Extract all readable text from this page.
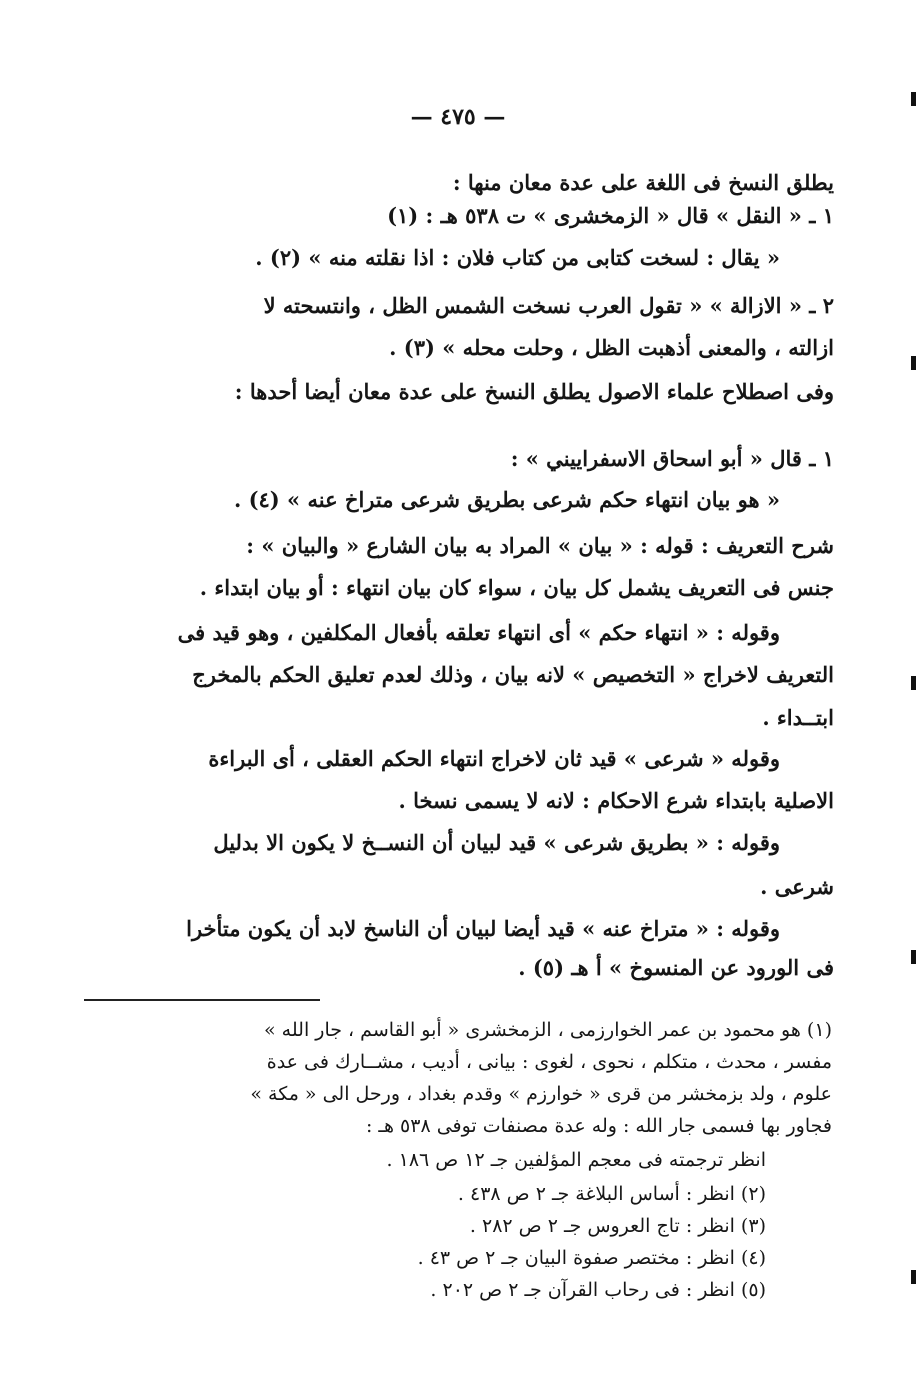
— ٤٧٥ —
يطلق النسخ فى اللغة على عدة معان منها :
١ ـ « النقل » قال « الزمخشرى » ت ٥٣٨ هـ : (١)
« يقال : لسخت كتابى من كتاب فلان : اذا نقلته منه » (٢) .
٢ ـ « الازالة » « تقول العرب نسخت الشمس الظل ، وانتسحته ﻻ
ازالته ، والمعنى أذهبت الظل ، وحلت محله » (٣) .
وفى اصطلاح علماء الاصول يطلق النسخ على عدة معان أيضا أحدها :
١ ـ قال « أبو اسحاق الاسفراييني » :
« هو بيان انتهاء حكم شرعى بطريق شرعى متراخ عنه » (٤) .
شرح التعريف : قوله : « بيان » المراد به بيان الشارع « والبيان » :
جنس فى التعريف يشمل كل بيان ، سواء كان بيان انتهاء : أو بيان ابتداء .
وقوله : « انتهاء حكم » أى انتهاء تعلقه بأفعال المكلفين ، وهو قيد فى
التعريف لاخراج « التخصيص » لانه بيان ، وذلك لعدم تعليق الحكم بالمخرج
ابتــداء .
وقوله « شرعى » قيد ثان لاخراج انتهاء الحكم العقلى ، أى البراءة
الاصلية بابتداء شرع الاحكام : لانه لا يسمى نسخا .
وقوله : « بطريق شرعى » قيد لبيان أن النســخ لا يكون الا بدليل
شرعى .
وقوله : « متراخ عنه » قيد أيضا لبيان أن الناسخ لابد أن يكون متأخرا
فى الورود عن المنسوخ » أ هـ (٥) .
(١) هو محمود بن عمر الخوارزمى ، الزمخشرى « أبو القاسم ، جار الله »
مفسر ، محدث ، متكلم ، نحوى ، لغوى : بيانى ، أديب ، مشــارك فى عدة
علوم ، ولد بزمخشر من قرى « خوارزم » وقدم بغداد ، ورحل الى « مكة »
فجاور بها فسمى جار الله : وله عدة مصنفات توفى ٥٣٨ هـ :
انظر ترجمته فى معجم المؤلفين جـ ١٢ ص ١٨٦ .
(٢) انظر : أساس البلاغة جـ ٢ ص ٤٣٨ .
(٣) انظر : تاج العروس جـ ٢ ص ٢٨٢ .
(٤) انظر : مختصر صفوة البيان جـ ٢ ص ٤٣ .
(٥) انظر : فى رحاب القرآن جـ ٢ ص ٢٠٢ .
